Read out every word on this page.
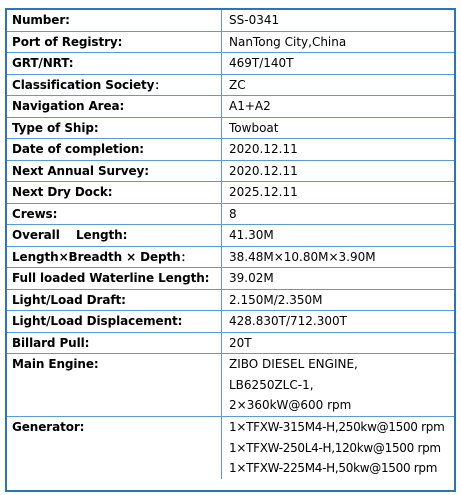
Number:	SS-0341
Port of Registry:	NanTong City,China
GRT/NRT:	469T/140T
Classification Society：	ZC
Navigation Area:	A1+A2
Type of Ship:	Towboat
Date of completion:	2020.12.11
Next Annual Survey:	2020.12.11
Next Dry Dock:	2025.12.11
Crews:	8
Overall    Length:	41.30M
Length×Breadth × Depth：	38.48M×10.80M×3.90M
Full loaded Waterline Length:	39.02M
Light/Load Draft:	2.150M/2.350M
Light/Load Displacement:	428.830T/712.300T
Billard Pull:	20T
Main Engine:	ZIBO DIESEL ENGINE,
LB6250ZLC-1,
2×360kW@600 rpm

Generator:	1×TFXW-315M4-H,250kw@1500 rpm
1×TFXW-250L4-H,120kw@1500 rpm
1×TFXW-225M4-H,50kw@1500 rpm
